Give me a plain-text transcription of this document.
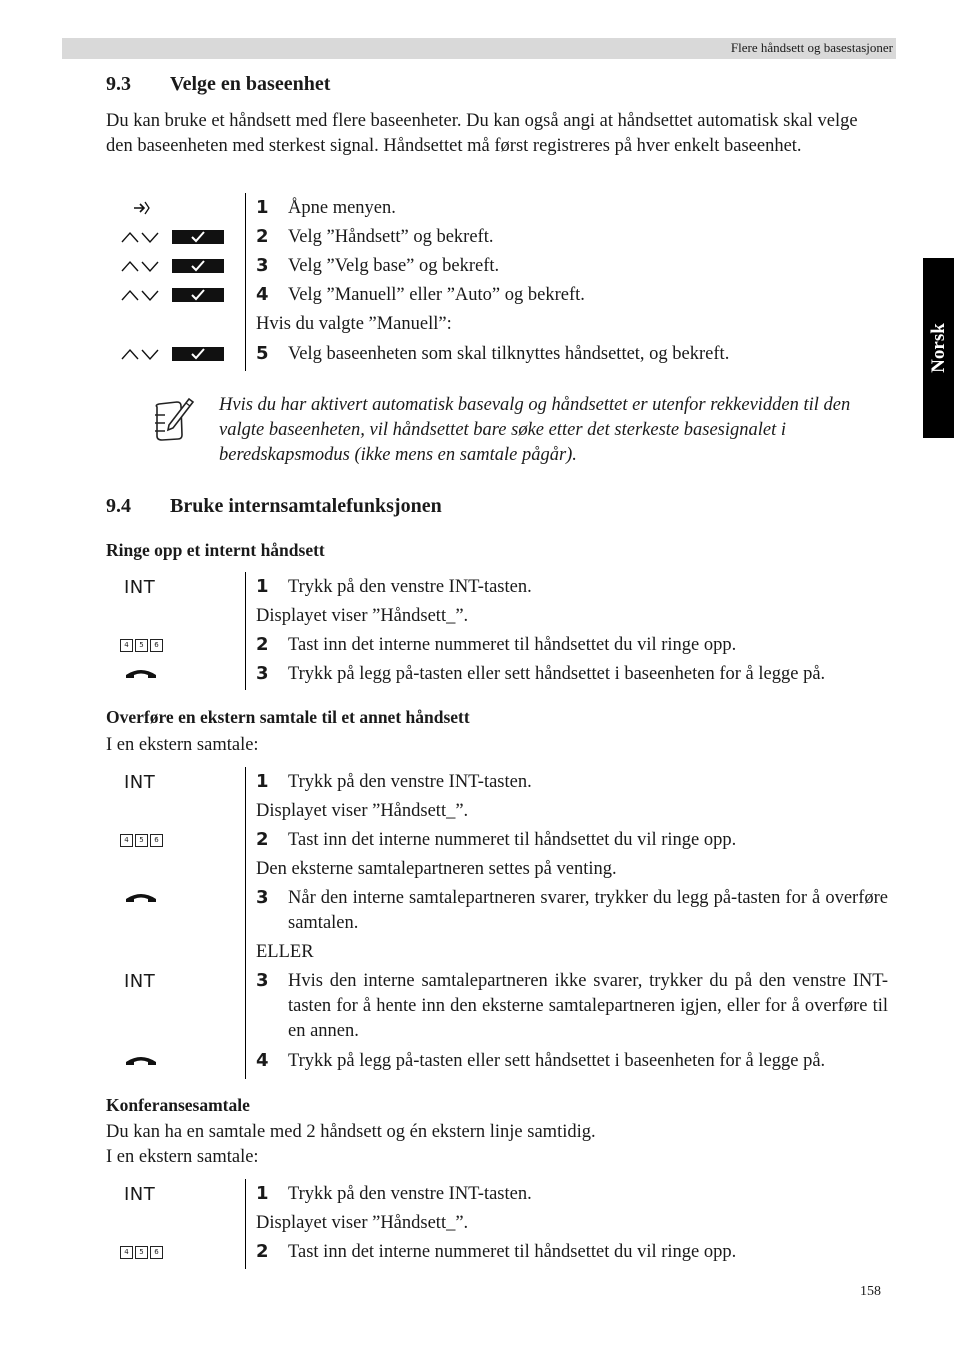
Flere håndsett og basestasjoner
Norsk
9.3 Velge en baseenhet
Du kan bruke et håndsett med flere baseenheter. Du kan også angi at håndsettet automatisk skal velge den baseenheten med sterkest signal. Håndsettet må først registreres på hver enkelt baseenhet.
1 Åpne menyen.
2 Velg ”Håndsett” og bekreft.
3 Velg ”Velg base” og bekreft.
4 Velg ”Manuell” eller ”Auto” og bekreft.
Hvis du valgte ”Manuell”:
5 Velg baseenheten som skal tilknyttes håndsettet, og bekreft.
Hvis du har aktivert automatisk basevalg og håndsettet er utenfor rekkevidden til den valgte baseenheten, vil håndsettet bare søke etter det sterkeste basesignalet i beredskapsmodus (ikke mens en samtale pågår).
9.4 Bruke internsamtalefunksjonen
Ringe opp et internt håndsett
INT	1 Trykk på den venstre INT-tasten.
Displayet viser ”Håndsett_”.
4	5	6	2 Tast inn det interne nummeret til håndsettet du vil ringe opp.
3 Trykk på legg på-tasten eller sett håndsettet i baseenheten for å legge på.
Overføre en ekstern samtale til et annet håndsett
I en ekstern samtale:
INT	1 Trykk på den venstre INT-tasten.
Displayet viser ”Håndsett_”.
4	5	6	2 Tast inn det interne nummeret til håndsettet du vil ringe opp.
Den eksterne samtalepartneren settes på venting.
3 Når den interne samtalepartneren svarer, trykker du legg på-tasten for å overføre samtalen.
ELLER
INT	3 Hvis den interne samtalepartneren ikke svarer, trykker du på den venstre INT-tasten for å hente inn den eksterne samtalepartneren igjen, eller for å overføre til en annen.
4 Trykk på legg på-tasten eller sett håndsettet i baseenheten for å legge på.
Konferansesamtale
Du kan ha en samtale med 2 håndsett og én ekstern linje samtidig.
I en ekstern samtale:
INT	1 Trykk på den venstre INT-tasten.
Displayet viser ”Håndsett_”.
4	5	6	2 Tast inn det interne nummeret til håndsettet du vil ringe opp.
158
